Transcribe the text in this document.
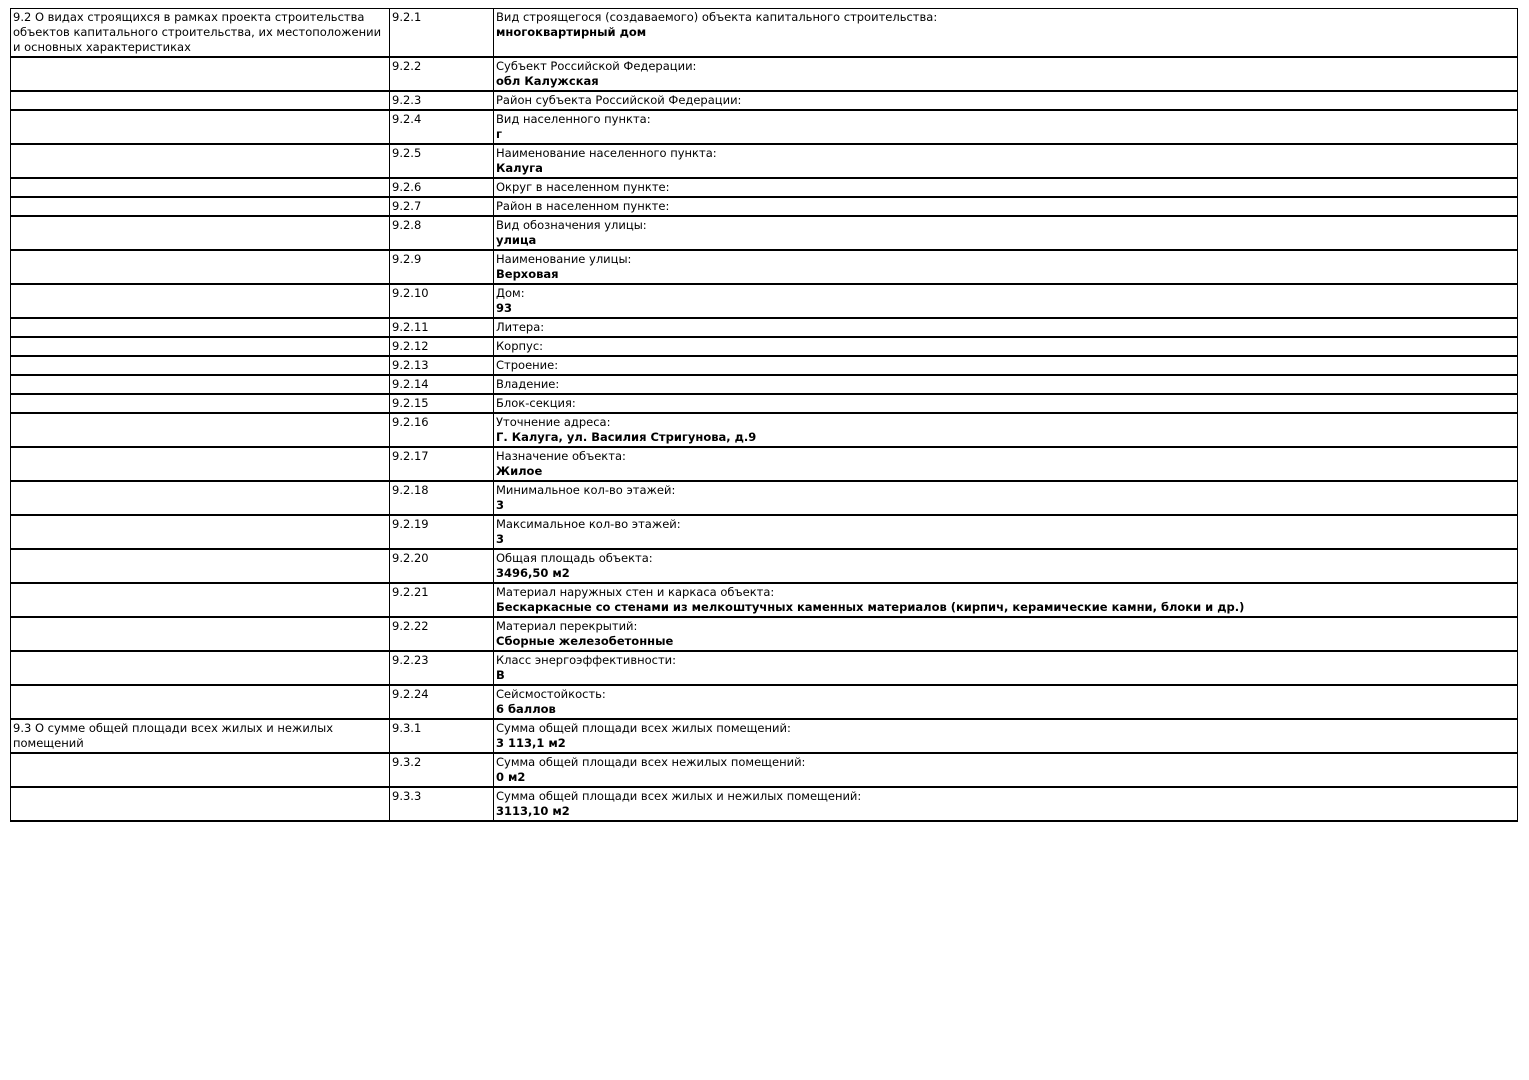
9.2 О видах строящихся в рамках проекта строительства объектов капитального строительства, их местоположении и основных характеристиках	9.2.1	Вид строящегося (создаваемого) объекта капитального строительства:
многоквартирный дом

	9.2.2	Субъект Российской Федерации:
обл Калужская

	9.2.3	Район субъекта Российской Федерации:

	9.2.4	Вид населенного пункта:
г

	9.2.5	Наименование населенного пункта:
Калуга

	9.2.6	Округ в населенном пункте:

	9.2.7	Район в населенном пункте:

	9.2.8	Вид обозначения улицы:
улица

	9.2.9	Наименование улицы:
Верховая

	9.2.10	Дом:
93

	9.2.11	Литера:

	9.2.12	Корпус:

	9.2.13	Строение:

	9.2.14	Владение:

	9.2.15	Блок-секция:

	9.2.16	Уточнение адреса:
Г. Калуга, ул. Василия Стригунова, д.9

	9.2.17	Назначение объекта:
Жилое

	9.2.18	Минимальное кол-во этажей:
3

	9.2.19	Максимальное кол-во этажей:
3

	9.2.20	Общая площадь объекта:
3496,50 м2

	9.2.21	Материал наружных стен и каркаса объекта:
Бескаркасные со стенами из мелкоштучных каменных материалов (кирпич, керамические камни, блоки и др.)

	9.2.22	Материал перекрытий:
Сборные железобетонные

	9.2.23	Класс энергоэффективности:
В

	9.2.24	Сейсмостойкость:
6 баллов

9.3 О сумме общей площади всех жилых и нежилых помещений	9.3.1	Сумма общей площади всех жилых помещений:
3 113,1 м2

	9.3.2	Сумма общей площади всех нежилых помещений:
0 м2

	9.3.3	Сумма общей площади всех жилых и нежилых помещений:
3113,10 м2
